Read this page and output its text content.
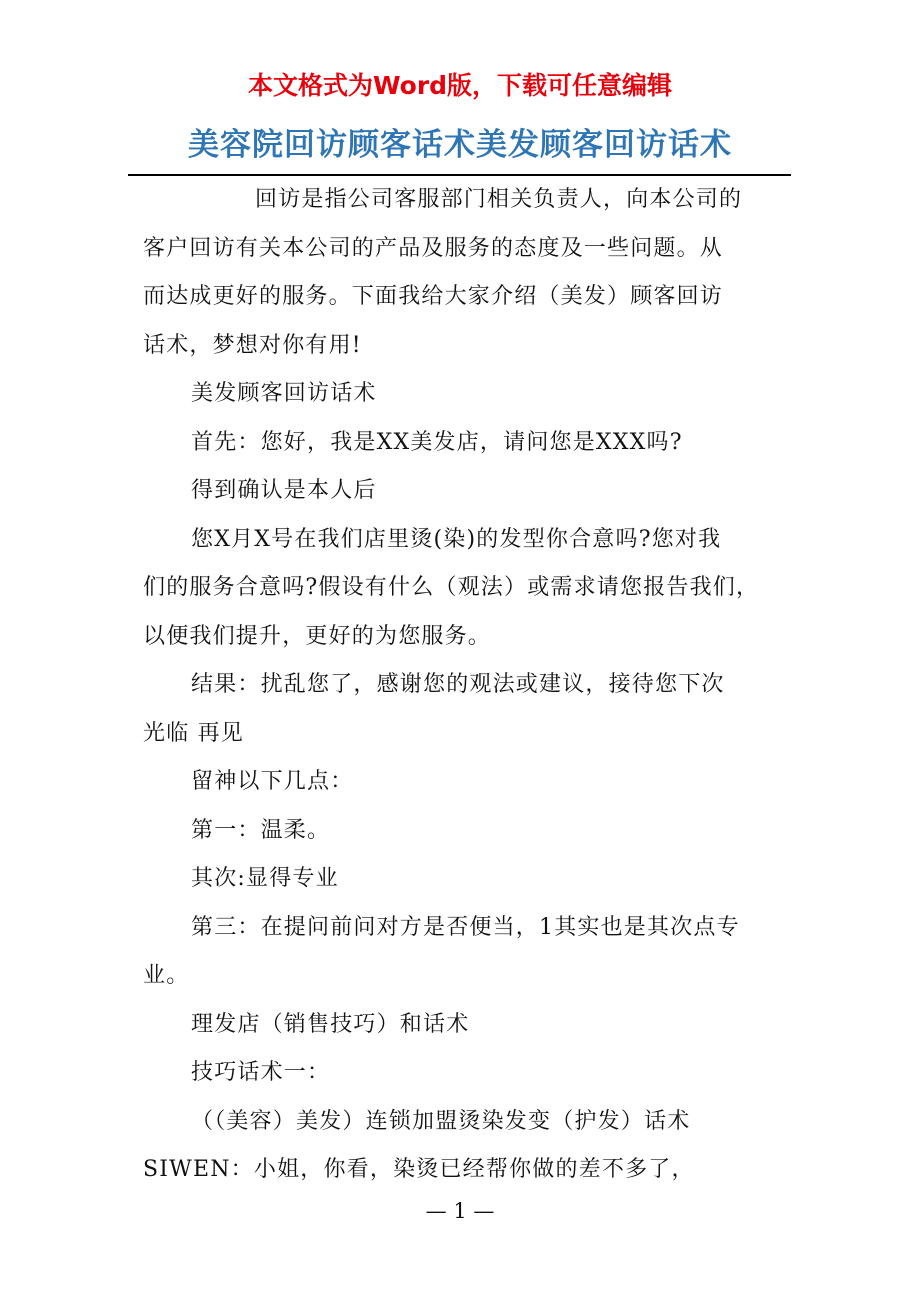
本文格式为Word版，下载可任意编辑

美容院回访顾客话术美发顾客回访话术

回访是指公司客服部门相关负责人，向本公司的

客户回访有关本公司的产品及服务的态度及一些问题。从

而达成更好的服务。下面我给大家介绍（美发）顾客回访

话术，梦想对你有用!

美发顾客回访话术

首先：您好，我是XX美发店，请问您是XXX吗?

得到确认是本人后

您X月X号在我们店里烫(染)的发型你合意吗?您对我

们的服务合意吗?假设有什么（观法）或需求请您报告我们，

以便我们提升，更好的为您服务。

结果：扰乱您了，感谢您的观法或建议，接待您下次

光临 再见

留神以下几点：

第一：温柔。

其次:显得专业

第三：在提问前问对方是否便当，1其实也是其次点专

业。

理发店（销售技巧）和话术

技巧话术一：

（（美容）美发）连锁加盟烫染发变（护发）话术

SIWEN：小姐，你看，染烫已经帮你做的差不多了，

— 1 —
